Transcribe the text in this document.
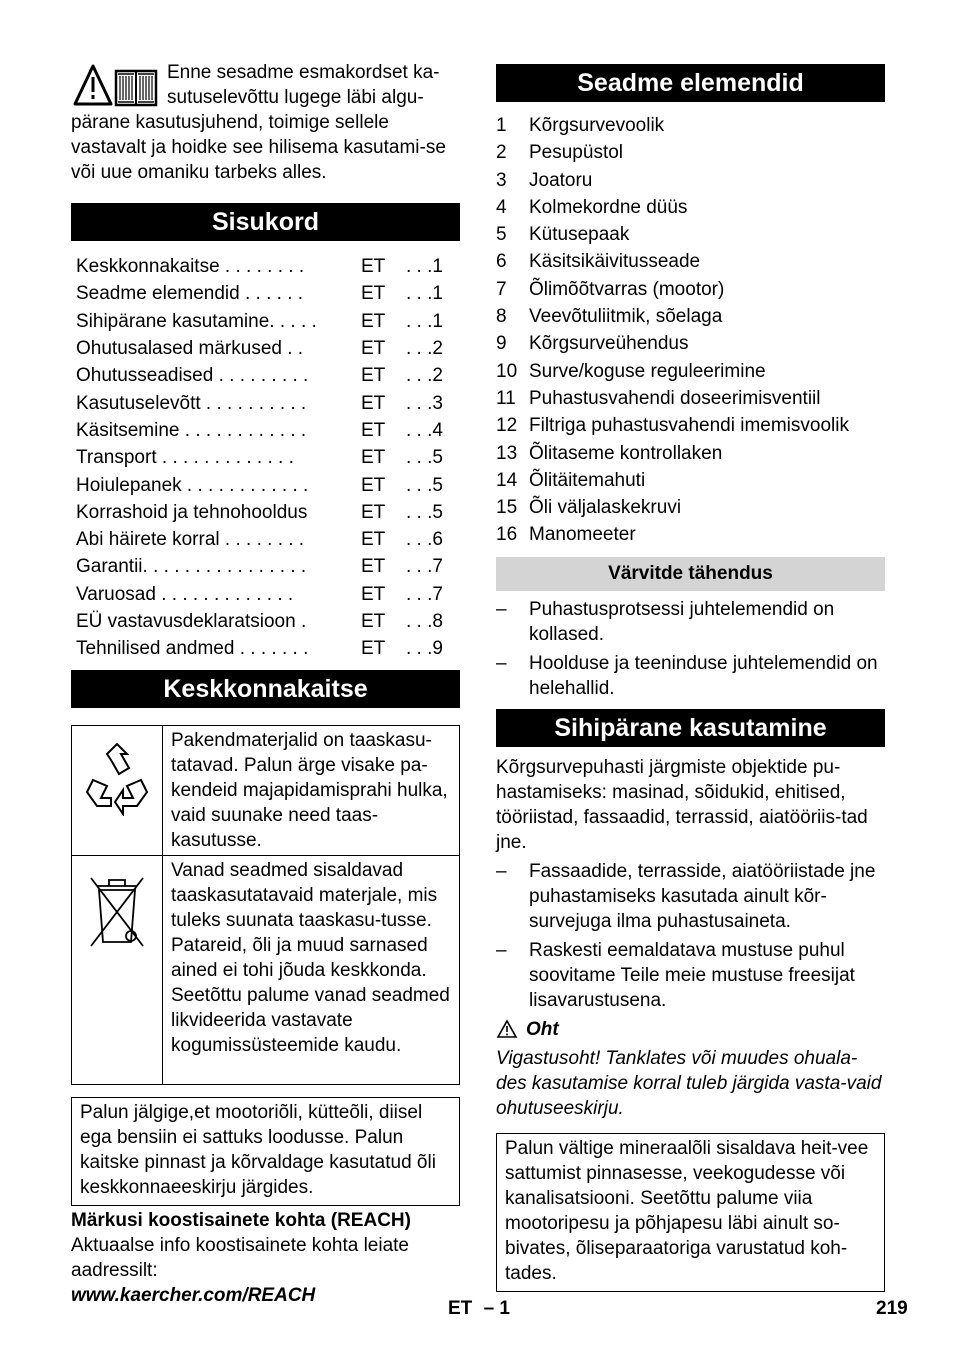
Enne sesadme esmakordset ka-
sutuselevõttu lugege läbi algu-
pärane kasutusjuhend, toimige sellele vastavalt ja hoidke see hilisema kasutami-se või uue omaniku tarbeks alles.
Sisukord
Keskkonnakaitse . . . . . . . .	ET	. . .1
Seadme elemendid . . . . . .	ET	. . .1
Sihipärane kasutamine. . . . .	ET	. . .1
Ohutusalased märkused . .	ET	. . .2
Ohutusseadised . . . . . . . . .	ET	. . .2
Kasutuselevõtt . . . . . . . . . .	ET	. . .3
Käsitsemine . . . . . . . . . . . .	ET	. . .4
Transport . . . . . . . . . . . . .	ET	. . .5
Hoiulepanek . . . . . . . . . . . .	ET	. . .5
Korrashoid ja tehnohooldus	ET	. . .5
Abi häirete korral . . . . . . . .	ET	. . .6
Garantii. . . . . . . . . . . . . . . .	ET	. . .7
Varuosad . . . . . . . . . . . . .	ET	. . .7
EÜ vastavusdeklaratsioon .	ET	. . .8
Tehnilised andmed . . . . . . .	ET	. . .9
Keskkonnakaitse
Pakendmaterjalid on taaskasu-tatavad. Palun ärge visake pa-kendeid majapidamisprahi hulka, vaid suunake need taas-kasutusse.
Vanad seadmed sisaldavad taaskasutatavaid materjale, mis tuleks suunata taaskasu-tusse. Patareid, õli ja muud sarnased ained ei tohi jõuda keskkonda. Seetõttu palume vanad seadmed likvideerida vastavate kogumissüsteemide kaudu.
Palun jälgige,et mootoriõli, kütteõli, diisel ega bensiin ei sattuks loodusse. Palun kaitske pinnast ja kõrvaldage kasutatud õli keskkonnaeeskirju järgides.
Märkusi koostisainete kohta (REACH)
Aktuaalse info koostisainete kohta leiate aadressilt:
www.kaercher.com/REACH
Seadme elemendid
1	Kõrgsurvevoolik
2	Pesupüstol
3	Joatoru
4	Kolmekordne düüs
5	Kütusepaak
6	Käsitsikäivitusseade
7	Õlimõõtvarras (mootor)
8	Veevõtuliitmik, sõelaga
9	Kõrgsurveühendus
10 Surve/koguse reguleerimine
11 Puhastusvahendi doseerimisventiil
12 Filtriga puhastusvahendi imemisvoolik
13 Õlitaseme kontrollaken
14 Õlitäitemahuti
15 Õli väljalaskekruvi
16 Manomeeter
Värvitde tähendus
–	Puhastusprotsessi juhtelemendid on kollased.
–	Hoolduse ja teeninduse juhtelemendid on helehallid.
Sihipärane kasutamine
Kõrgsurvepuhasti järgmiste objektide pu-hastamiseks: masinad, sõidukid, ehitised, tööriistad, fassaadid, terrassid, aiatööriis-tad jne.
–	Fassaadide, terrasside, aiatööriistade jne puhastamiseks kasutada ainult kõr-survejuga ilma puhastusaineta.
–	Raskesti eemaldatava mustuse puhul soovitame Teile meie mustuse freesijat lisavarustusena.
Oht
Vigastusoht! Tanklates või muudes ohuala-des kasutamise korral tuleb järgida vasta-vaid ohutuseeskirju.
Palun vältige mineraalõli sisaldava heit-vee sattumist pinnasesse, veekogudesse või kanalisatsiooni. Seetõttu palume viia mootoripesu ja põhjapesu läbi ainult so-bivates, õliseparaatoriga varustatud koh-tades.
ET – 1	219
